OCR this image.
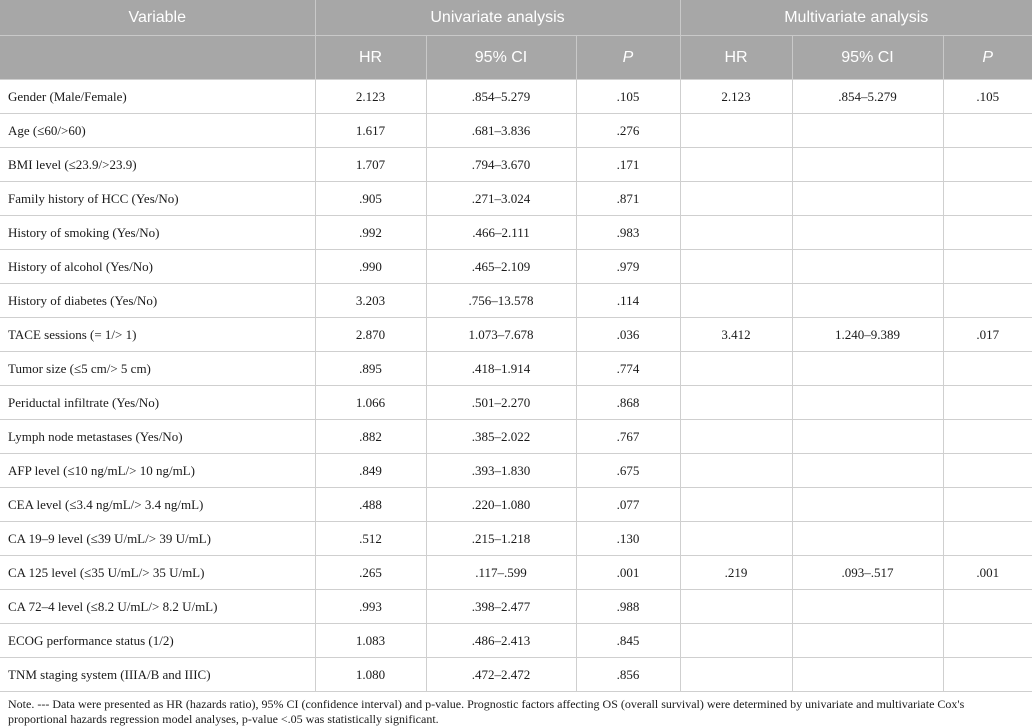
Variable	Univariate analysis			Multivariate analysis		
	HR	95% CI	P	HR	95% CI	P
Gender (Male/Female)	2.123	.854–5.279	.105	2.123	.854–5.279	.105
Age (≤60/>60)	1.617	.681–3.836	.276			
BMI level (≤23.9/>23.9)	1.707	.794–3.670	.171			
Family history of HCC (Yes/No)	.905	.271–3.024	.871			
History of smoking (Yes/No)	.992	.466–2.111	.983			
History of alcohol (Yes/No)	.990	.465–2.109	.979			
History of diabetes (Yes/No)	3.203	.756–13.578	.114			
TACE sessions (= 1/> 1)	2.870	1.073–7.678	.036	3.412	1.240–9.389	.017
Tumor size (≤5 cm/> 5 cm)	.895	.418–1.914	.774			
Periductal infiltrate (Yes/No)	1.066	.501–2.270	.868			
Lymph node metastases (Yes/No)	.882	.385–2.022	.767			
AFP level (≤10 ng/mL/> 10 ng/mL)	.849	.393–1.830	.675			
CEA level (≤3.4 ng/mL/> 3.4 ng/mL)	.488	.220–1.080	.077			
CA 19–9 level (≤39 U/mL/> 39 U/mL)	.512	.215–1.218	.130			
CA 125 level (≤35 U/mL/> 35 U/mL)	.265	.117–.599	.001	.219	.093–.517	.001
CA 72–4 level (≤8.2 U/mL/> 8.2 U/mL)	.993	.398–2.477	.988			
ECOG performance status (1/2)	1.083	.486–2.413	.845			
TNM staging system (IIIA/B and IIIC)	1.080	.472–2.472	.856			
Note. --- Data were presented as HR (hazards ratio), 95% CI (confidence interval) and p-value. Prognostic factors affecting OS (overall survival) were determined by univariate and multivariate Cox's
proportional hazards regression model analyses, p-value <.05 was statistically significant.
